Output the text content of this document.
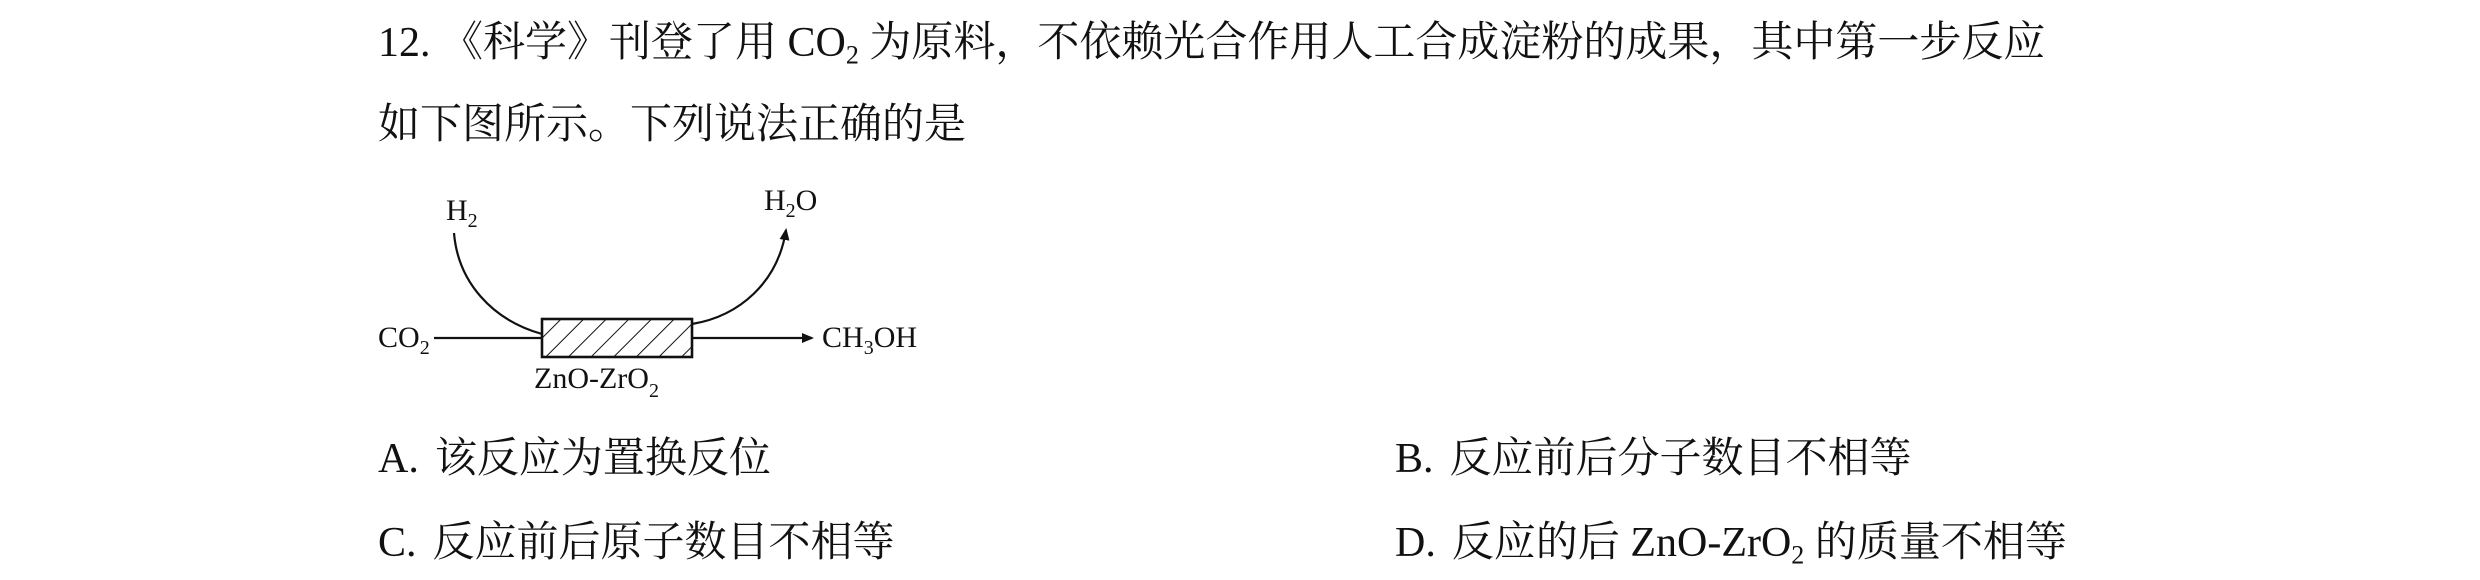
12. 《科学》刊登了用 $CO_2$ 为原料，不依赖光合作用人工合成淀粉的成果，其中第一步反应
如下图所示。下列说法正确的是
$H_2$
$H_2O$
$CO_2$	$CH_3OH$
ZnO-ZrO$_2$
A. 该反应为置换反位	B. 反应前后分子数目不相等
C. 反应前后原子数目不相等	D. 反应的后 ZnO-ZrO$_2$ 的质量不相等
